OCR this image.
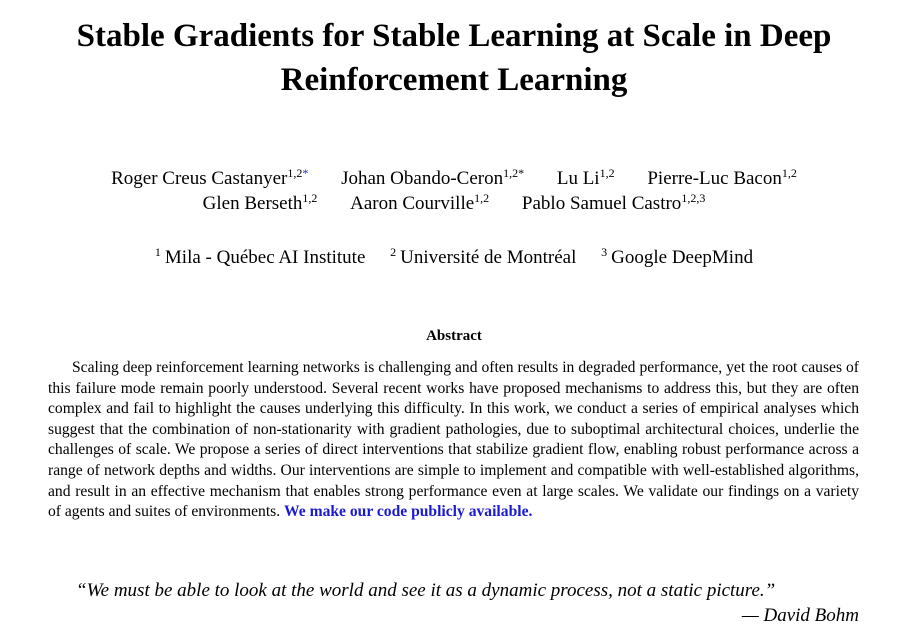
Stable Gradients for Stable Learning at Scale in Deep Reinforcement Learning
Roger Creus Castanyer$^{1,2*}$ Johan Obando-Ceron$^{1,2*}$ Lu Li$^{1,2}$ Pierre-Luc Bacon$^{1,2}$
Glen Berseth$^{1,2}$ Aaron Courville$^{1,2}$ Pablo Samuel Castro$^{1,2,3}$
$^1$ Mila - Québec AI Institute $^2$ Université de Montréal $^3$ Google DeepMind
Abstract
Scaling deep reinforcement learning networks is challenging and often results in degraded performance, yet the root causes of this failure mode remain poorly understood. Several recent works have proposed mechanisms to address this, but they are often complex and fail to highlight the causes underlying this difficulty. In this work, we conduct a series of empirical analyses which suggest that the combination of non-stationarity with gradient pathologies, due to suboptimal architectural choices, underlie the challenges of scale. We propose a series of direct interventions that stabilize gradient flow, enabling robust performance across a range of network depths and widths. Our interventions are simple to implement and compatible with well-established algorithms, and result in an effective mechanism that enables strong performance even at large scales. We validate our findings on a variety of agents and suites of environments. We make our code publicly available.
“We must be able to look at the world and see it as a dynamic process, not a static picture.”
— David Bohm
